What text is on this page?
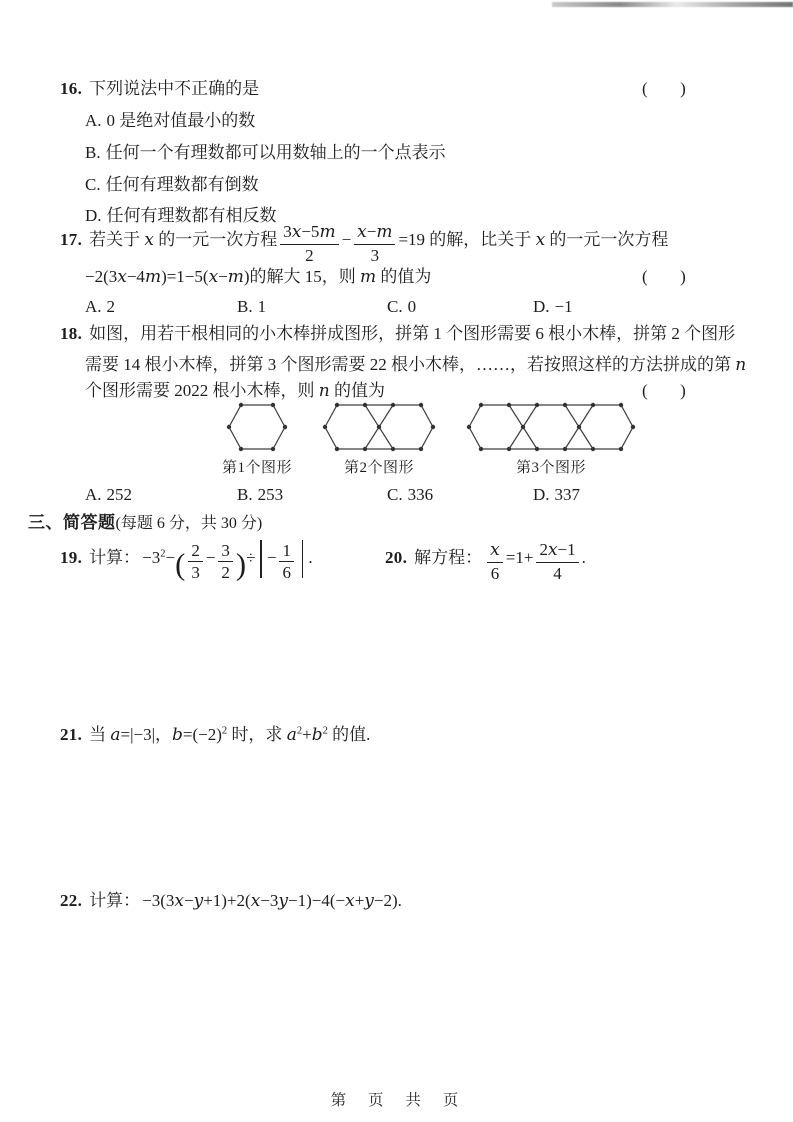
16. 下列说法中不正确的是	(      )
A. 0 是绝对值最小的数
B. 任何一个有理数都可以用数轴上的一个点表示
C. 任何有理数都有倒数
D. 任何有理数都有相反数
17. 若关于 x 的一元一次方程 $\frac{3x-5m}{2} - \frac{x-m}{3} =19$ 的解，比关于 x 的一元一次方程
−2(3x−4m)=1−5(x−m)的解大 15，则 m 的值为	(      )
A. 2	B. 1	C. 0	D. −1
18. 如图，用若干根相同的小木棒拼成图形，拼第 1 个图形需要 6 根小木棒，拼第 2 个图形
需要 14 根小木棒，拼第 3 个图形需要 22 根小木棒，……，若按照这样的方法拼成的第 n
个图形需要 2022 根小木棒，则 n 的值为	(      )
第1个图形	第2个图形	第3个图形
A. 252	B. 253	C. 336	D. 337
三、简答题(每题 6 分，共 30 分)
19. 计算： $-3^2-( \frac{2}{3} - \frac{3}{2}$ )÷ − $\frac{1}{6}$ .	20. 解方程： $\frac{x}{6} =1+ \frac{2x-1}{4}$ .
21. 当 a=|−3|，$b=(-2)^2$ 时，求 $a^2+b^2$ 的值.
22. 计算： −3(3x−y+1)+2(x−3y−1)−4(−x+y−2).
第 页 共 页
